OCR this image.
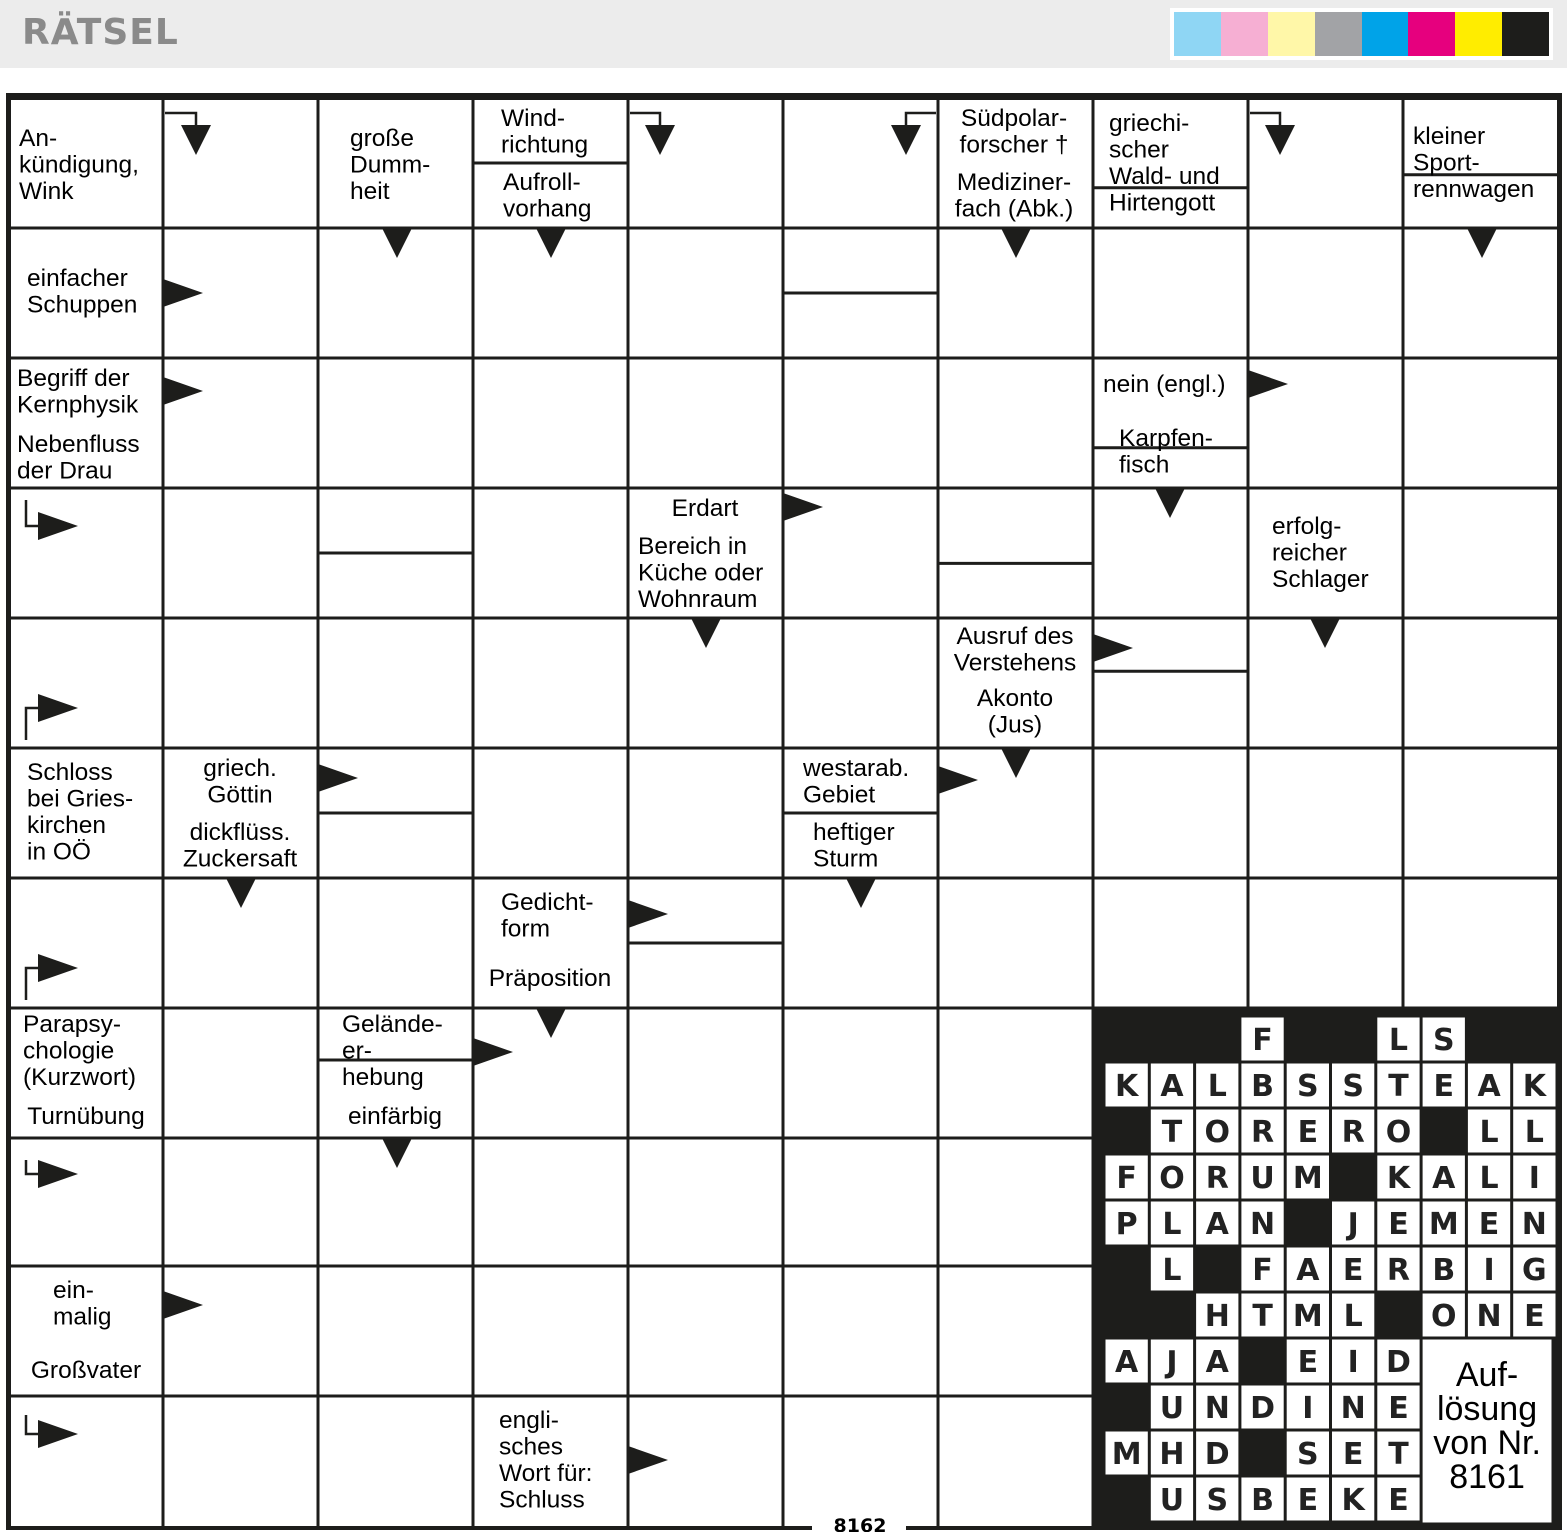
RÄTSEL
F	L S
K A L B S S T E A K
T O R E R O L L
F O R U M K A L I
P L A N J E M E N
L F A E R B I G
H T M L O N E
A J A E I D
U N D I N E
M H D S E T
U S B E K E
Auf-lösung von Nr. 8161
An-kündigung, Wink
große Dumm-heit
Wind-richtung
Aufroll-vorhang
Südpolar-forscher †
Mediziner-fach (Abk.)
griechi-scher Wald- und Hirtengott
kleiner Sport-rennwagen
einfacher Schuppen
Begriff der Kernphysik
Nebenfluss der Drau
nein (engl.)
Karpfen-fisch
Erdart
Bereich in Küche oder Wohnraum
erfolg-reicher Schlager
Ausruf des Verstehens
Akonto (Jus)
Schloss bei Gries-kirchen in OÖ
griech. Göttin
dickflüss. Zuckersaft
westarab. Gebiet
heftiger Sturm
Gedicht-form
Präposition
Parapsy-chologie (Kurzwort)
Turnübung
Gelände-er-hebung
einfärbig
ein-malig
Großvater
engli-sches Wort für: Schluss
8162
